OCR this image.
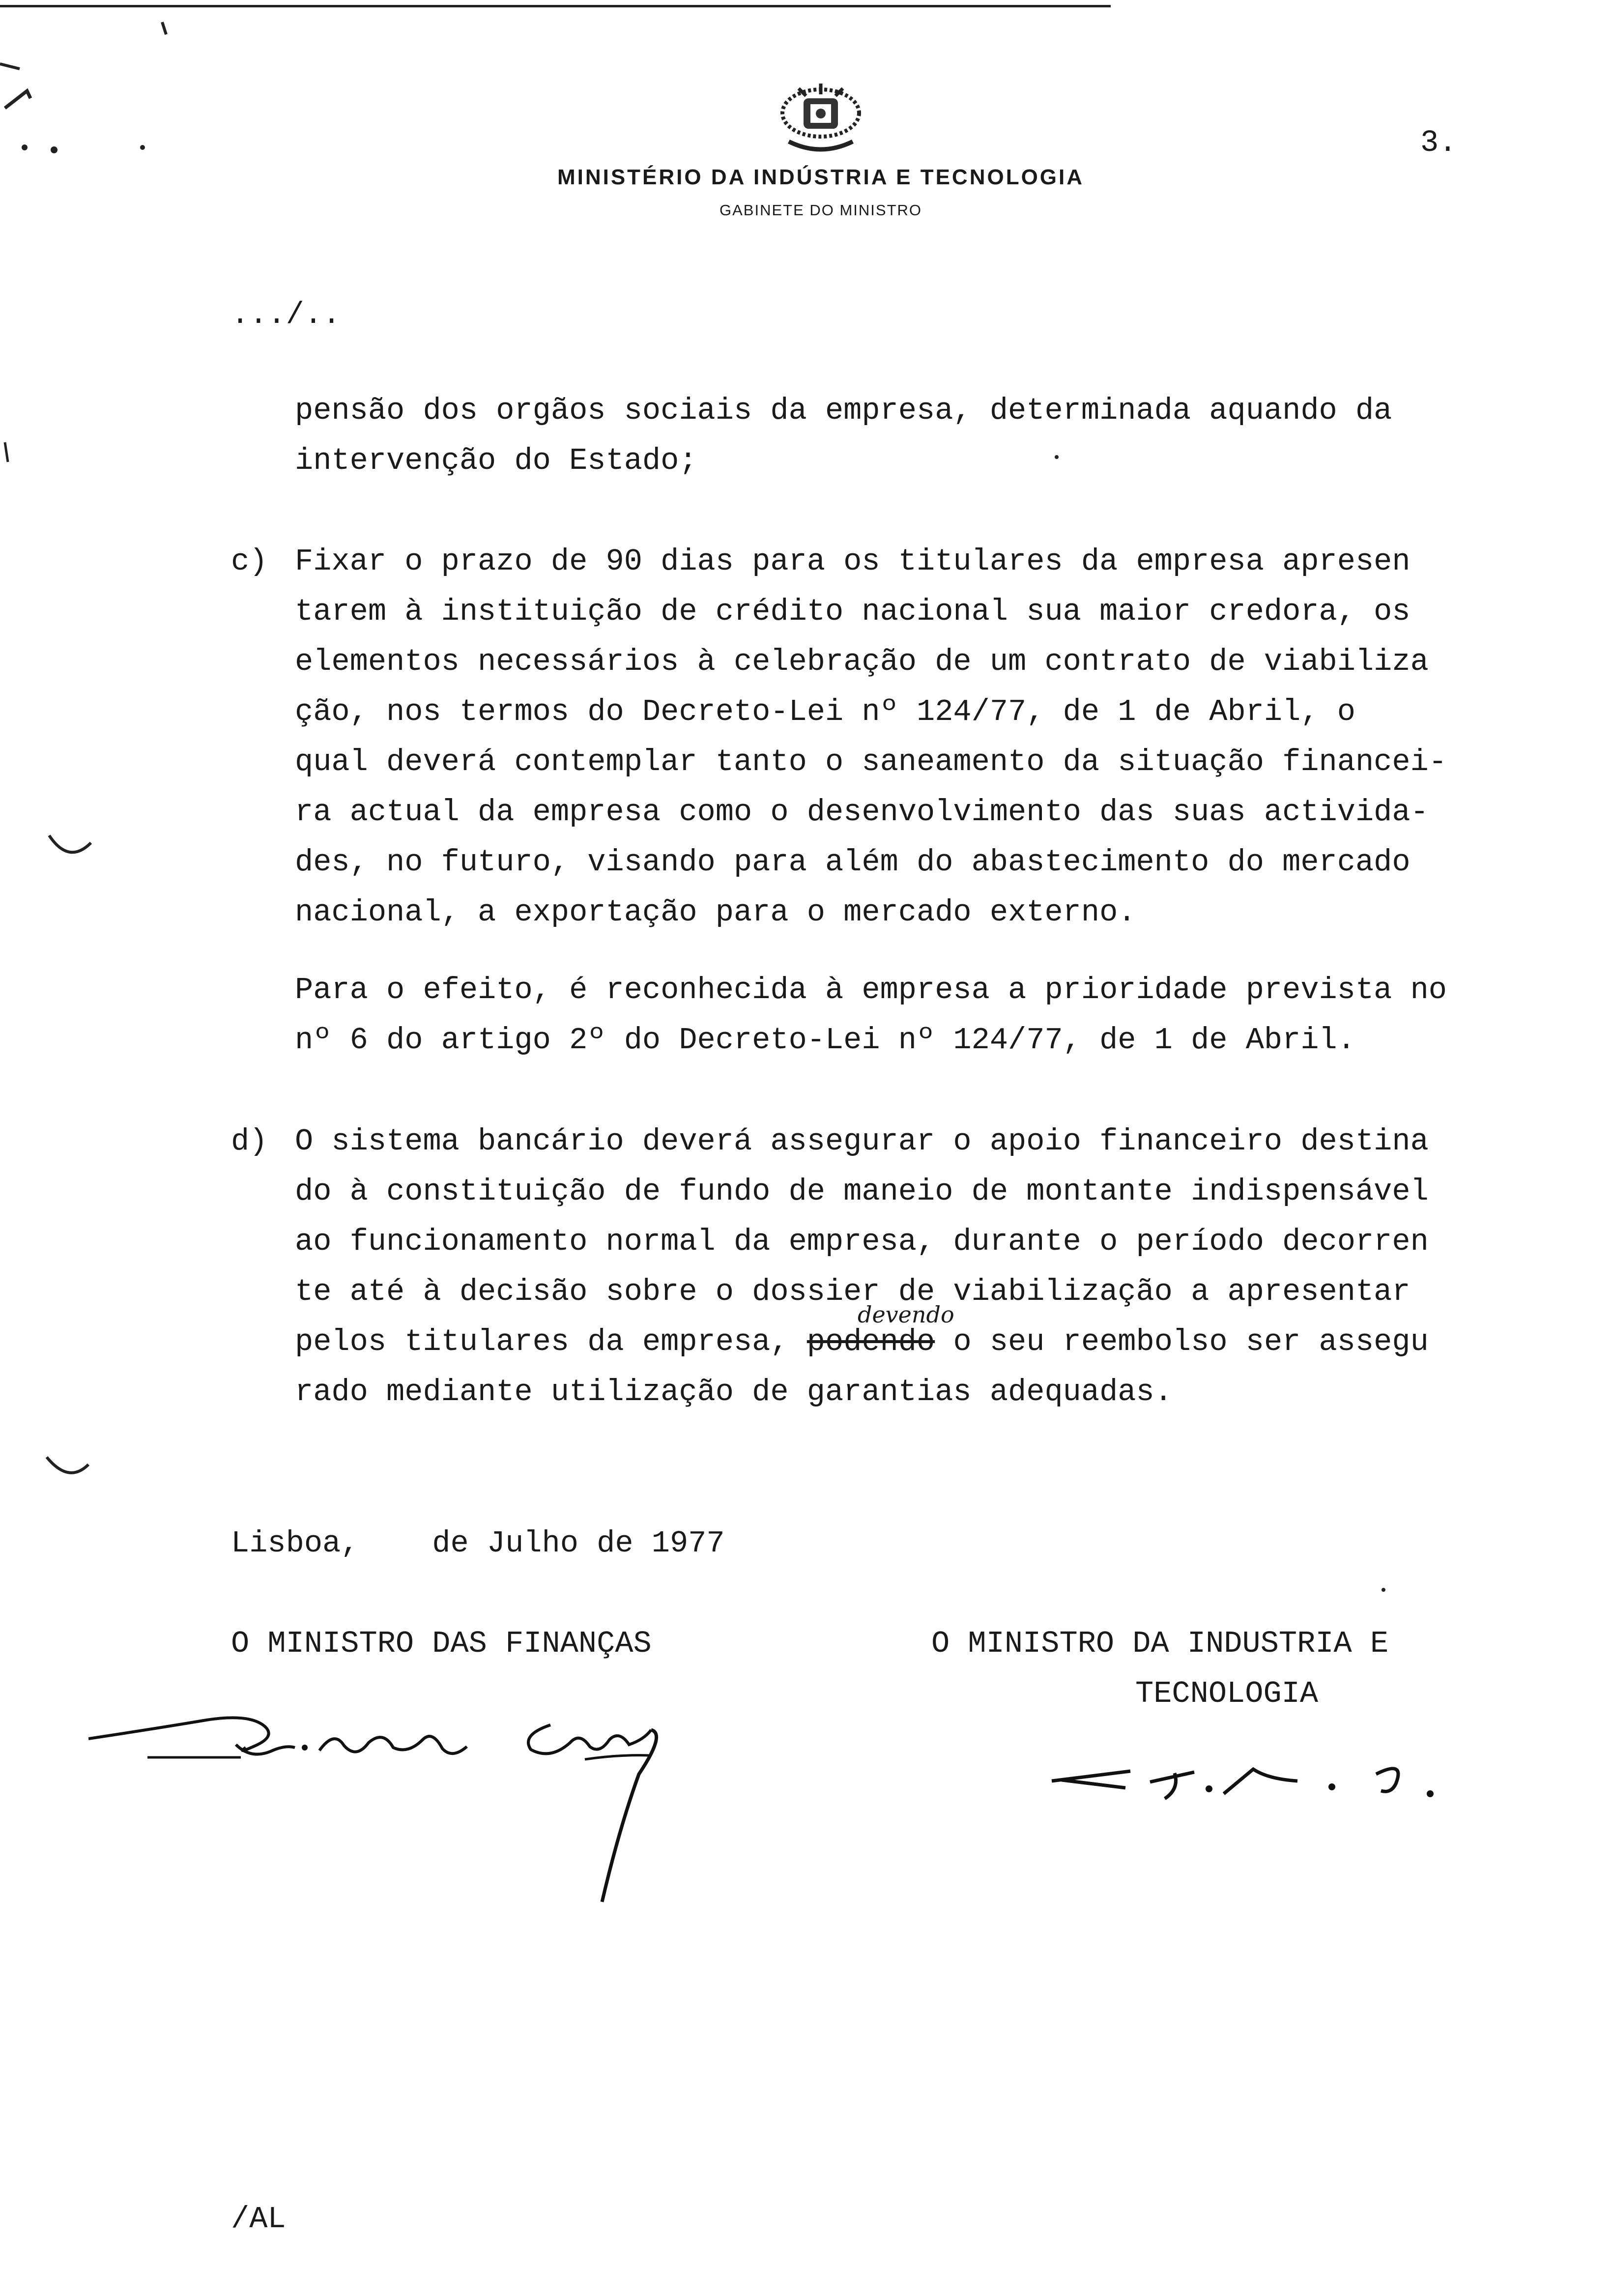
MINISTÉRIO DA INDÚSTRIA E TECNOLOGIA
GABINETE DO MINISTRO
3.
.../..
pensão dos orgãos sociais da empresa, determinada aquando da
intervenção do Estado;
c) Fixar o prazo de 90 dias para os titulares da empresa apresen
tarem à instituição de crédito nacional sua maior credora, os
elementos necessários à celebração de um contrato de viabiliza
ção, nos termos do Decreto-Lei nº 124/77, de 1 de Abril, o
qual deverá contemplar tanto o saneamento da situação financei-
ra actual da empresa como o desenvolvimento das suas activida-
des, no futuro, visando para além do abastecimento do mercado
nacional, a exportação para o mercado externo.
Para o efeito, é reconhecida à empresa a prioridade prevista no
nº 6 do artigo 2º do Decreto-Lei nº 124/77, de 1 de Abril.
d) O sistema bancário deverá assegurar o apoio financeiro destina
do à constituição de fundo de maneio de montante indispensável
ao funcionamento normal da empresa, durante o período decorren
te até à decisão sobre o dossier de viabilização a apresentar
devendo
pelos titulares da empresa, podendo o seu reembolso ser assegu
rado mediante utilização de garantias adequadas.
Lisboa,    de Julho de 1977
O MINISTRO DAS FINANÇAS	O MINISTRO DA INDUSTRIA E
TECNOLOGIA
/AL
